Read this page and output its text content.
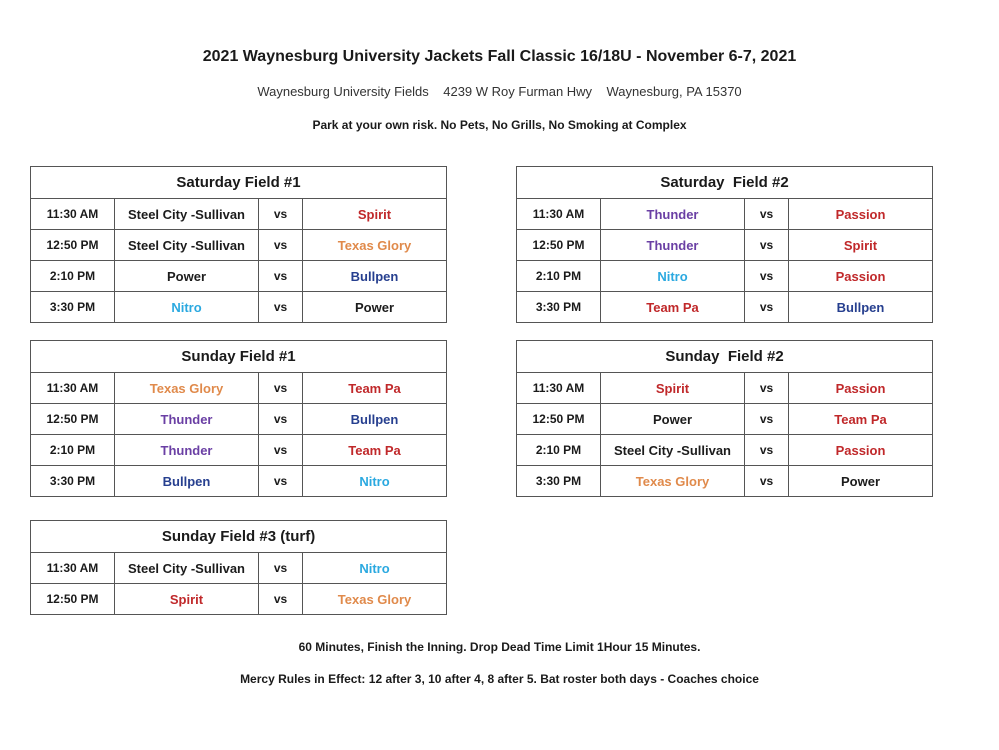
2021 Waynesburg University Jackets Fall Classic 16/18U - November 6-7, 2021
Waynesburg University Fields    4239 W Roy Furman Hwy    Waynesburg, PA 15370
Park at your own risk. No Pets, No Grills, No Smoking at Complex
Saturday Field #1			
11:30 AM	Steel City -Sullivan	vs	Spirit
12:50 PM	Steel City -Sullivan	vs	Texas Glory
2:10 PM	Power	vs	Bullpen
3:30 PM	Nitro	vs	Power
Saturday  Field #2			
11:30 AM	Thunder	vs	Passion
12:50 PM	Thunder	vs	Spirit
2:10 PM	Nitro	vs	Passion
3:30 PM	Team Pa	vs	Bullpen
Sunday Field #1			
11:30 AM	Texas Glory	vs	Team Pa
12:50 PM	Thunder	vs	Bullpen
2:10 PM	Thunder	vs	Team Pa
3:30 PM	Bullpen	vs	Nitro
Sunday  Field #2			
11:30 AM	Spirit	vs	Passion
12:50 PM	Power	vs	Team Pa
2:10 PM	Steel City -Sullivan	vs	Passion
3:30 PM	Texas Glory	vs	Power
Sunday Field #3 (turf)			
11:30 AM	Steel City -Sullivan	vs	Nitro
12:50 PM	Spirit	vs	Texas Glory
60 Minutes, Finish the Inning. Drop Dead Time Limit 1Hour 15 Minutes.
Mercy Rules in Effect: 12 after 3, 10 after 4, 8 after 5. Bat roster both days - Coaches choice
